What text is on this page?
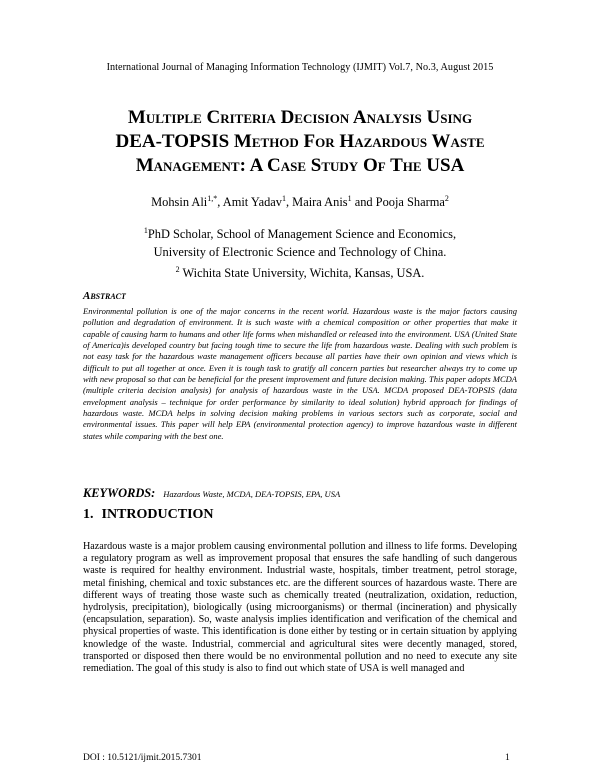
International Journal of Managing Information Technology (IJMIT) Vol.7, No.3, August 2015
Multiple Criteria Decision Analysis Using
DEA-TOPSIS Method For Hazardous Waste
Management: A Case Study Of The USA
Mohsin Ali$^{1,*}$, Amit Yadav$^1$, Maira Anis$^1$ and Pooja Sharma$^2$
$^1$PhD Scholar, School of Management Science and Economics,
University of Electronic Science and Technology of China.
$^2$ Wichita State University, Wichita, Kansas, USA.
Abstract
Environmental pollution is one of the major concerns in the recent world. Hazardous waste is the major factors causing pollution and degradation of environment. It is such waste with a chemical composition or other properties that make it capable of causing harm to humans and other life forms when mishandled or released into the environment. USA (United State of America)is developed country but facing tough time to secure the life from hazardous waste. Dealing with such problem is not easy task for the hazardous waste management officers because all parties have their own opinion and views which is difficult to put all together at once. Even it is tough task to gratify all concern parties but researcher always try to come up with new proposal so that can be beneficial for the present improvement and future decision making. This paper adopts MCDA (multiple criteria decision analysis) for analysis of hazardous waste in the USA. MCDA proposed DEA-TOPSIS (data envelopment analysis – technique for order performance by similarity to ideal solution) hybrid approach for findings of hazardous waste. MCDA helps in solving decision making problems in various sectors such as corporate, social and environmental issues. This paper will help EPA (environmental protection agency) to improve hazardous waste in different states while comparing with the best one.
KEYWORDS: Hazardous Waste, MCDA, DEA-TOPSIS, EPA, USA
1. INTRODUCTION
Hazardous waste is a major problem causing environmental pollution and illness to life forms. Developing a regulatory program as well as improvement proposal that ensures the safe handling of such dangerous waste is required for healthy environment. Industrial waste, hospitals, timber treatment, petrol storage, metal finishing, chemical and toxic substances etc. are the different sources of hazardous waste. There are different ways of treating those waste such as chemically treated (neutralization, oxidation, reduction, hydrolysis, precipitation), biologically (using microorganisms) or thermal (incineration) and physically (encapsulation, separation). So, waste analysis implies identification and verification of the chemical and physical properties of waste. This identification is done either by testing or in certain situation by applying knowledge of the waste. Industrial, commercial and agricultural sites were decently managed, stored, transported or disposed then there would be no environmental pollution and no need to execute any site remediation. The goal of this study is also to find out which state of USA is well managed and
DOI : 10.5121/ijmit.2015.7301	1
